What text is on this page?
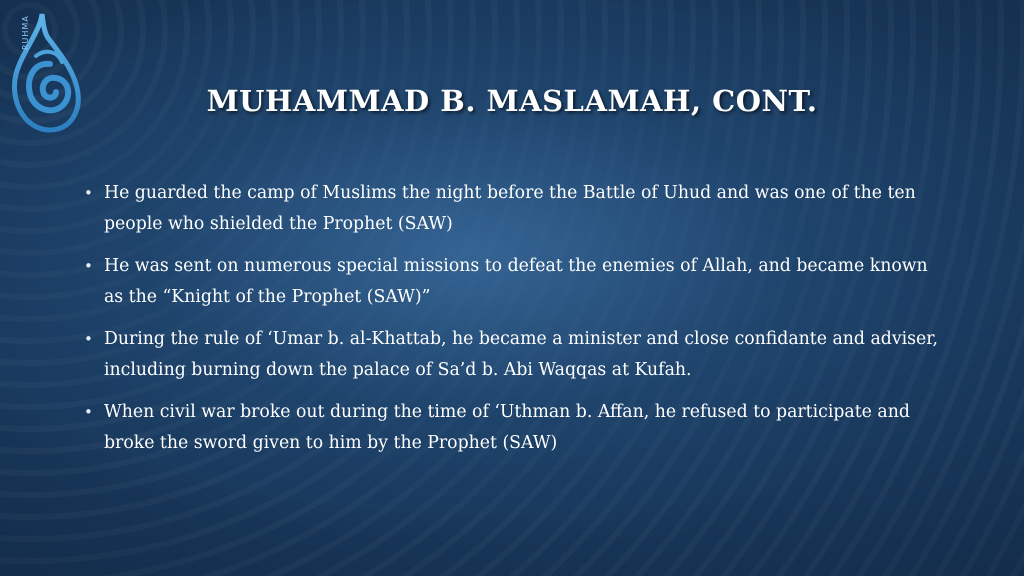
RUHMA
MUHAMMAD B. MASLAMAH, CONT.
• He guarded the camp of Muslims the night before the Battle of Uhud and was one of the ten people who shielded the Prophet (SAW)
• He was sent on numerous special missions to defeat the enemies of Allah, and became known as the “Knight of the Prophet (SAW)”
• During the rule of ‘Umar b. al-Khattab, he became a minister and close confidante and adviser, including burning down the palace of Sa’d b. Abi Waqqas at Kufah.
• When civil war broke out during the time of ‘Uthman b. Affan, he refused to participate and broke the sword given to him by the Prophet (SAW)
